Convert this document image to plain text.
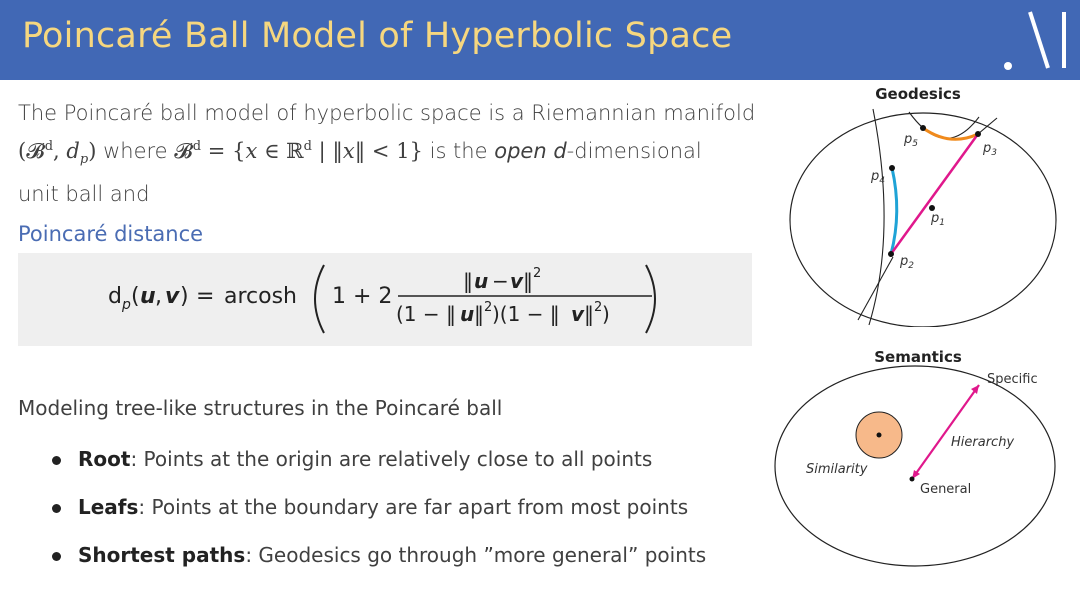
Poincaré Ball Model of Hyperbolic Space
The Poincaré ball model of hyperbolic space is a Riemannian manifold
(𝓑$^d$, $d_p$) where 𝓑$^d$ = {x ∈ ℝ$^d$ | ‖x‖ < 1} is the open d-dimensional
unit ball and
Poincaré distance
d p ( u , v ) = arcosh 1 + 2
‖ u − v ‖ 2
(1 − ‖ u ‖ 2 )(1 − ‖ v ‖ 2 )
Modeling tree-like structures in the Poincaré ball
Root: Points at the origin are relatively close to all points
Leafs: Points at the boundary are far apart from most points
Shortest paths: Geodesics go through ”more general” points
Geodesics
$p_5$	$p_3$
$p_4$
$p_1$
$p_2$
Semantics
Specific
Hierarchy
Similarity
General
